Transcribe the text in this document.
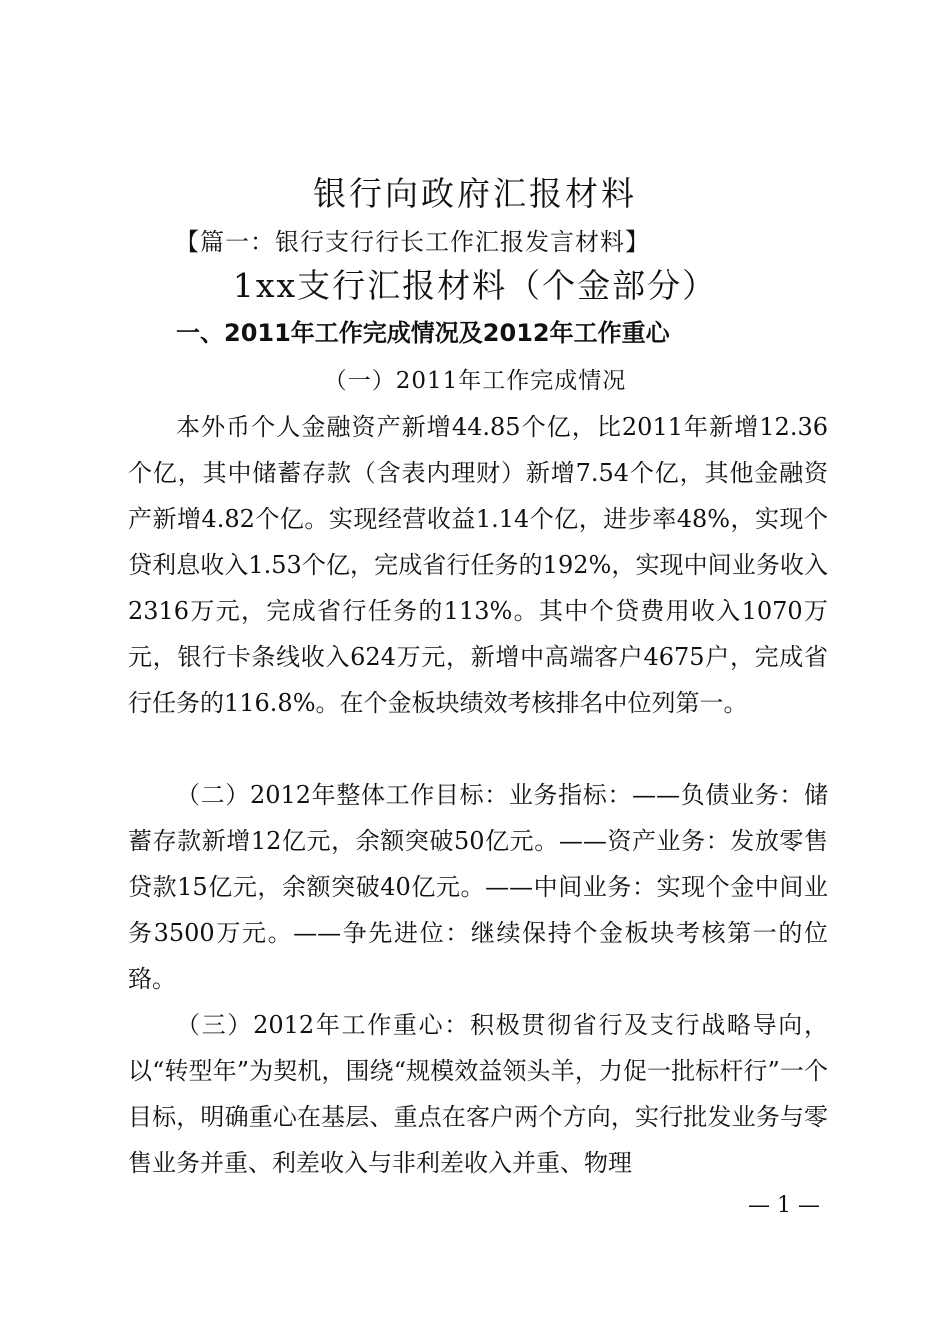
银行向政府汇报材料
【篇一：银行支行行长工作汇报发言材料】
1xx支行汇报材料（个金部分）
一、2011年工作完成情况及2012年工作重心
（一）2011年工作完成情况

本外币个人金融资产新增44.85个亿，比2011年新增12.36个亿，其中储蓄存款（含表内理财）新增7.54个亿，其他金融资产新增4.82个亿。实现经营收益1.14个亿，进步率48%，实现个贷利息收入1.53个亿，完成省行任务的192%，实现中间业务收入2316万元，完成省行任务的113%。其中个贷费用收入1070万元，银行卡条线收入624万元，新增中高端客户4675户，完成省行任务的116.8%。在个金板块绩效考核排名中位列第一。

（二）2012年整体工作目标：业务指标：——负债业务：储蓄存款新增12亿元，余额突破50亿元。——资产业务：发放零售贷款15亿元，余额突破40亿元。——中间业务：实现个金中间业务3500万元。——争先进位：继续保持个金板块考核第一的位臵。

（三）2012年工作重心：积极贯彻省行及支行战略导向，以“转型年”为契机，围绕“规模效益领头羊，力促一批标杆行”一个目标，明确重心在基层、重点在客户两个方向，实行批发业务与零售业务并重、利差收入与非利差收入并重、物理

— 1 —
